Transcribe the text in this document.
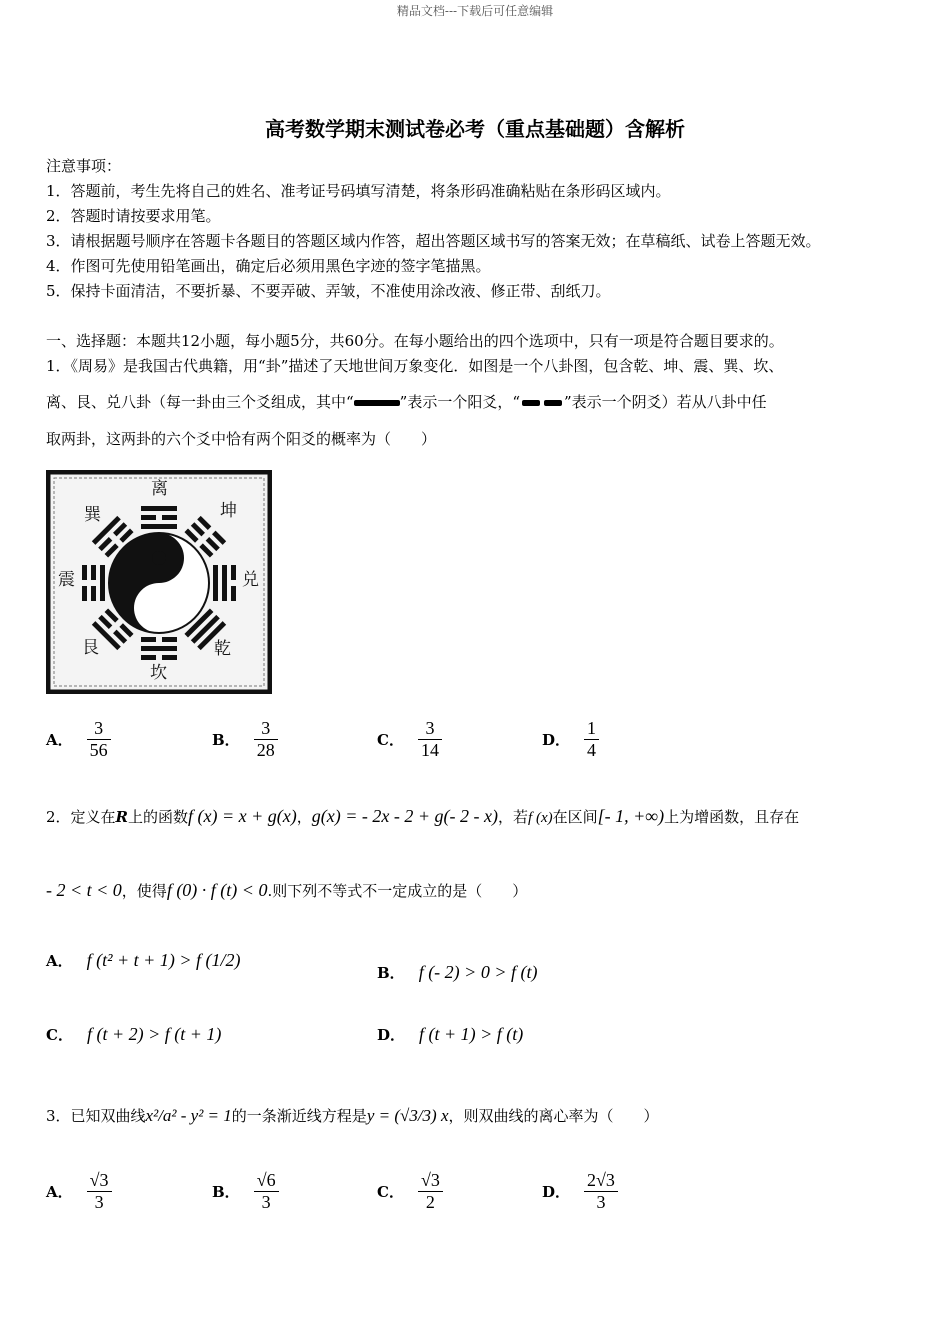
精品文档---下载后可任意编辑
高考数学期末测试卷必考（重点基础题）含解析
注意事项：
1．答题前，考生先将自己的姓名、准考证号码填写清楚，将条形码准确粘贴在条形码区域内。
2．答题时请按要求用笔。
3．请根据题号顺序在答题卡各题目的答题区域内作答，超出答题区域书写的答案无效；在草稿纸、试卷上答题无效。
4．作图可先使用铅笔画出，确定后必须用黑色字迹的签字笔描黑。
5．保持卡面清洁，不要折暴、不要弄破、弄皱，不准使用涂改液、修正带、刮纸刀。
一、选择题：本题共12小题，每小题5分，共60分。在每小题给出的四个选项中，只有一项是符合题目要求的。
1．《周易》是我国古代典籍，用“卦”描述了天地世间万象变化．如图是一个八卦图，包含乾、坤、震、巽、坎、
离、艮、兑八卦（每一卦由三个爻组成，其中“	”表示一个阳爻，“	”表示一个阴爻）若从八卦中任
取两卦，这两卦的六个爻中恰有两个阳爻的概率为（　　）
离
坤
兑
乾
坎
艮
震
巽
A． $\frac{3}{56}$	B． $\frac{3}{28}$	C． $\frac{3}{14}$	D． $\frac{1}{4}$
2．定义在R上的函数f (x) = x + g(x)，g(x) = - 2x - 2 + g(- 2 - x)，若f (x)在区间[- 1, +∞)上为增函数，且存在
- 2 < t < 0，使得f (0) · f (t) < 0.则下列不等式不一定成立的是（　　）
A． f (t² + t + 1) > f (1/2)
B． f (- 2) > 0 > f (t)
C． f (t + 2) > f (t + 1)	D． f (t + 1) > f (t)
3．已知双曲线x²/a² - y² = 1的一条渐近线方程是y = (√3/3) x，则双曲线的离心率为（　　）
A． $\frac{√3}{3}$	B． $\frac{√6}{3}$	C． $\frac{√3}{2}$	D． $\frac{2√3}{3}$
